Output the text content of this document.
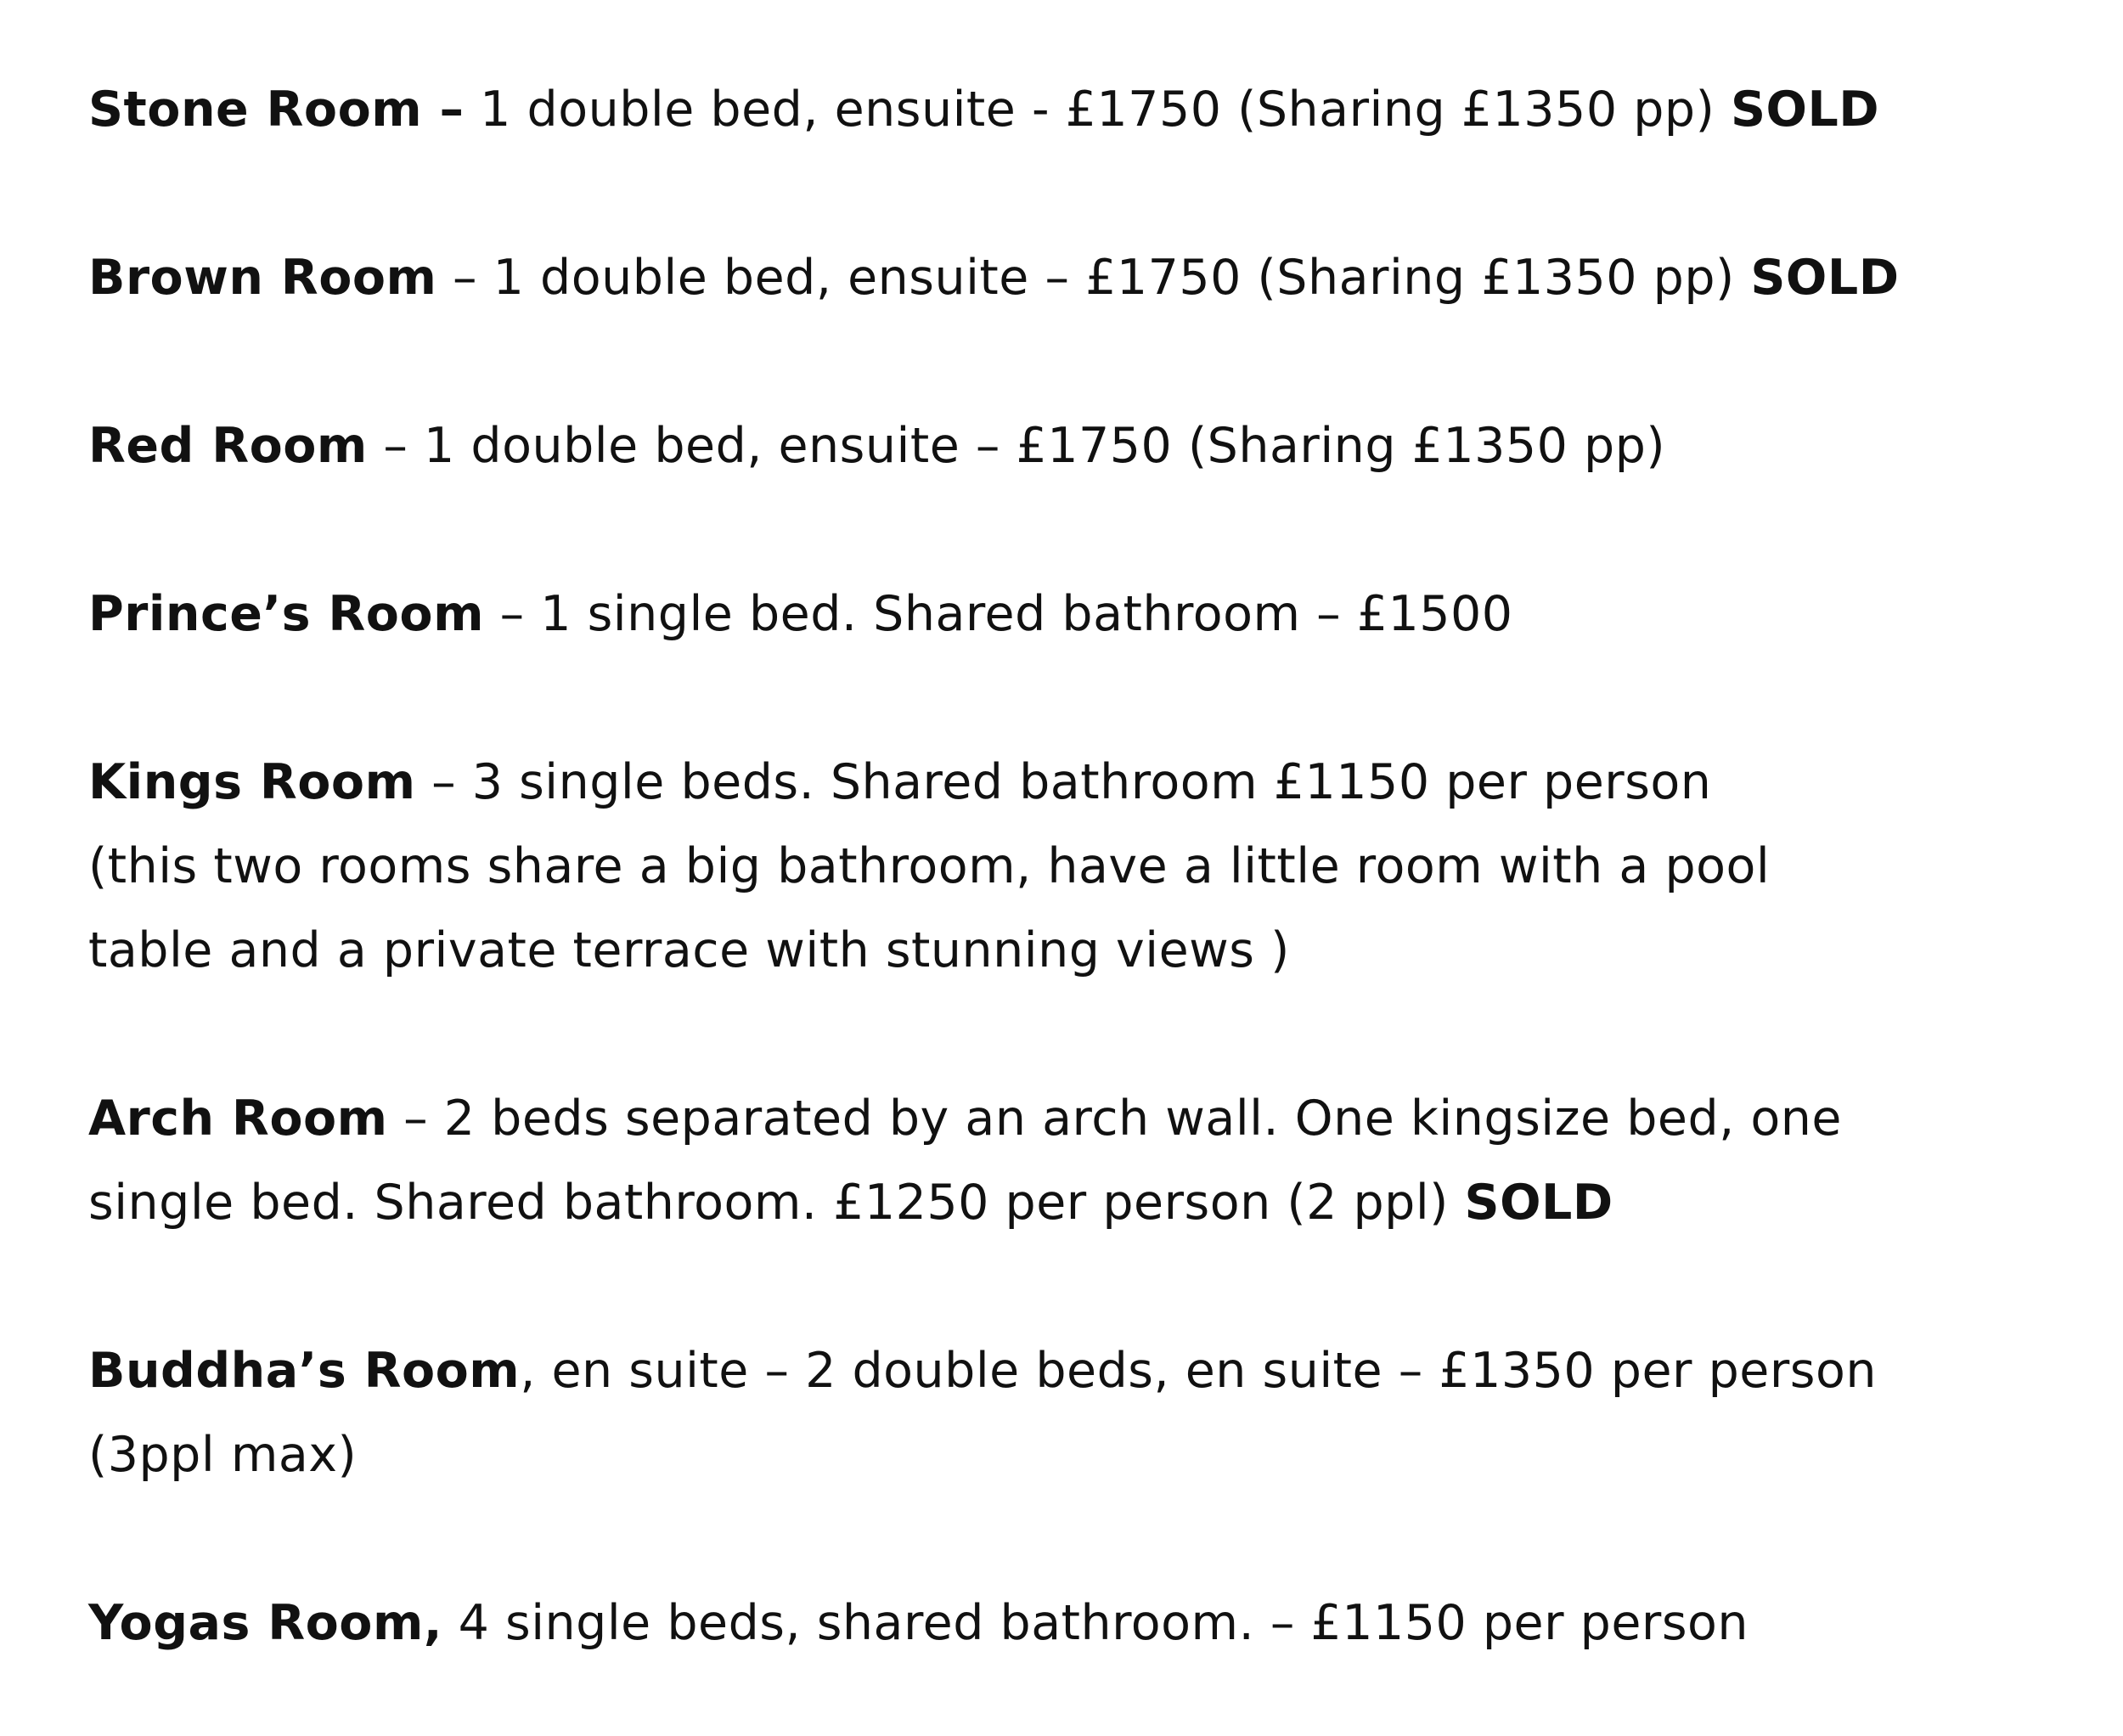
Stone Room – 1 double bed, ensuite - £1750 (Sharing £1350 pp) SOLD

Brown Room – 1 double bed, ensuite – £1750 (Sharing £1350 pp) SOLD

Red Room – 1 double bed, ensuite – £1750 (Sharing £1350 pp)

Prince’s Room – 1 single bed. Shared bathroom – £1500

Kings Room – 3 single beds. Shared bathroom £1150 per person
(this two rooms share a big bathroom, have a little room with a pool
table and a private terrace with stunning views )

Arch Room – 2 beds separated by an arch wall. One kingsize bed, one
single bed. Shared bathroom. £1250 per person (2 ppl) SOLD

Buddha’s Room, en suite – 2 double beds, en suite – £1350 per person
(3ppl max)

Yogas Room, 4 single beds, shared bathroom. – £1150 per person
